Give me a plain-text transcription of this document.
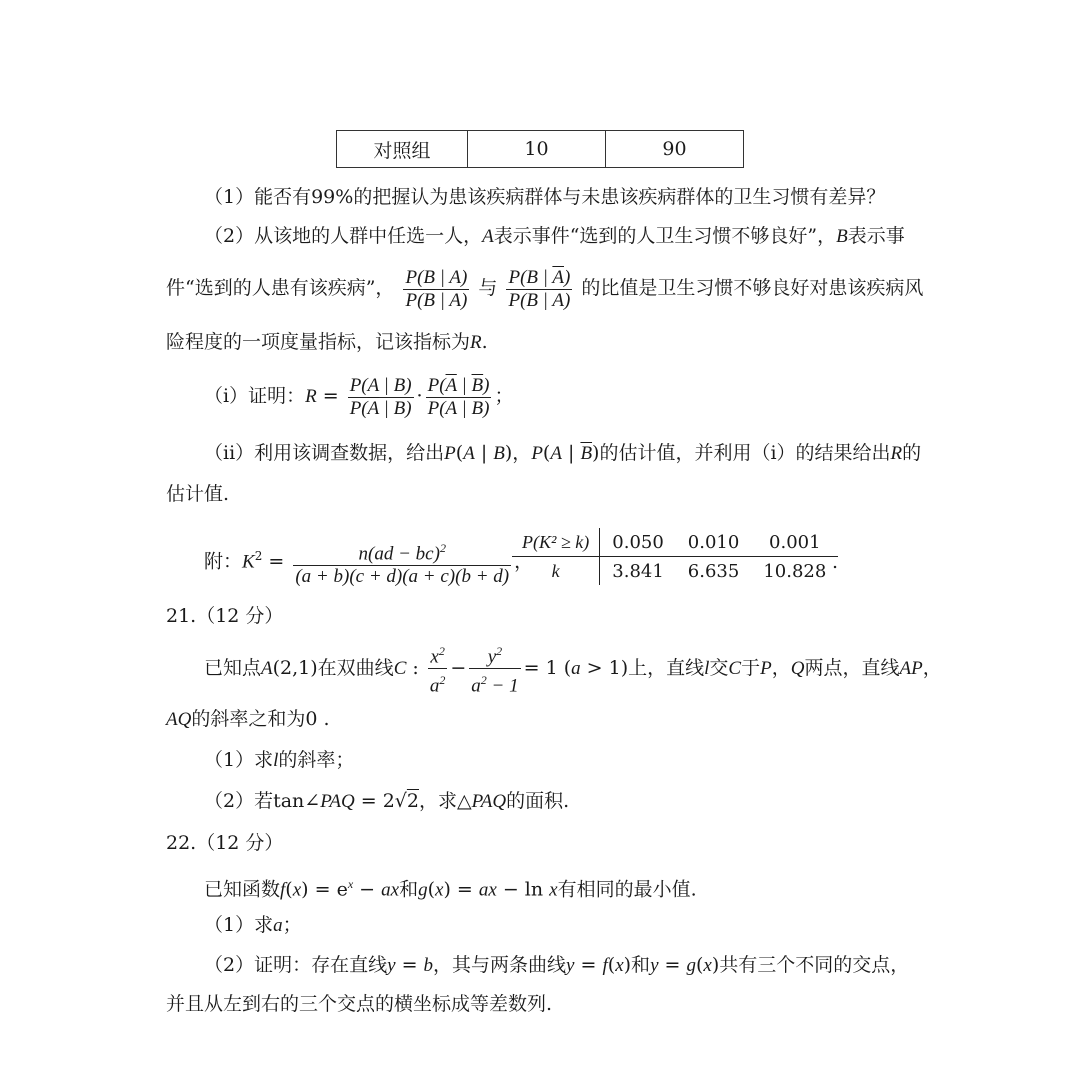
对照组	10	90
（1）能否有99%的把握认为患该疾病群体与未患该疾病群体的卫生习惯有差异？
（2）从该地的人群中任选一人，A表示事件“选到的人卫生习惯不够良好”，B表示事
件“选到的人患有该疾病”， $\frac{P(B | A)}{P(\overline{B} | A)}$ 与 $\frac{P(B | \overline{A})}{P(\overline{B} | \overline{A})}$ 的比值是卫生习惯不够良好对患该疾病风
险程度的一项度量指标，记该指标为R.
（i）证明：$R = \frac{P(A | B)}{P(\overline{A} | B)} \cdot \frac{P(\overline{A} | \overline{B})}{P(A | \overline{B})}$ ；
（ii）利用该调查数据，给出P(A | B)，P(A | $\overline{B}$)的估计值，并利用（i）的结果给出R的
估计值.
附：$K^2 = \frac{n(ad - bc)^2}{(a + b)(c + d)(a + c)(b + d)}$ ，
P(K² ≥ k)	0.050	0.010	0.001
k	3.841	6.635	10.828 .
21.（12 分）
已知点A(2,1)在双曲线C : $\frac{x^2}{a^2} - \frac{y^2}{a^2 - 1} = 1$ (a > 1)上，直线l交C于P，Q两点，直线AP，
AQ的斜率之和为0 .
（1）求l的斜率；
（2）若tan∠PAQ = 2√2，求△PAQ的面积.
22.（12 分）
已知函数$f(x) = e^x$ − ax和g(x) = ax − ln x有相同的最小值.
（1）求a；
（2）证明：存在直线y = b，其与两条曲线y = f(x)和y = g(x)共有三个不同的交点，
并且从左到右的三个交点的横坐标成等差数列.
